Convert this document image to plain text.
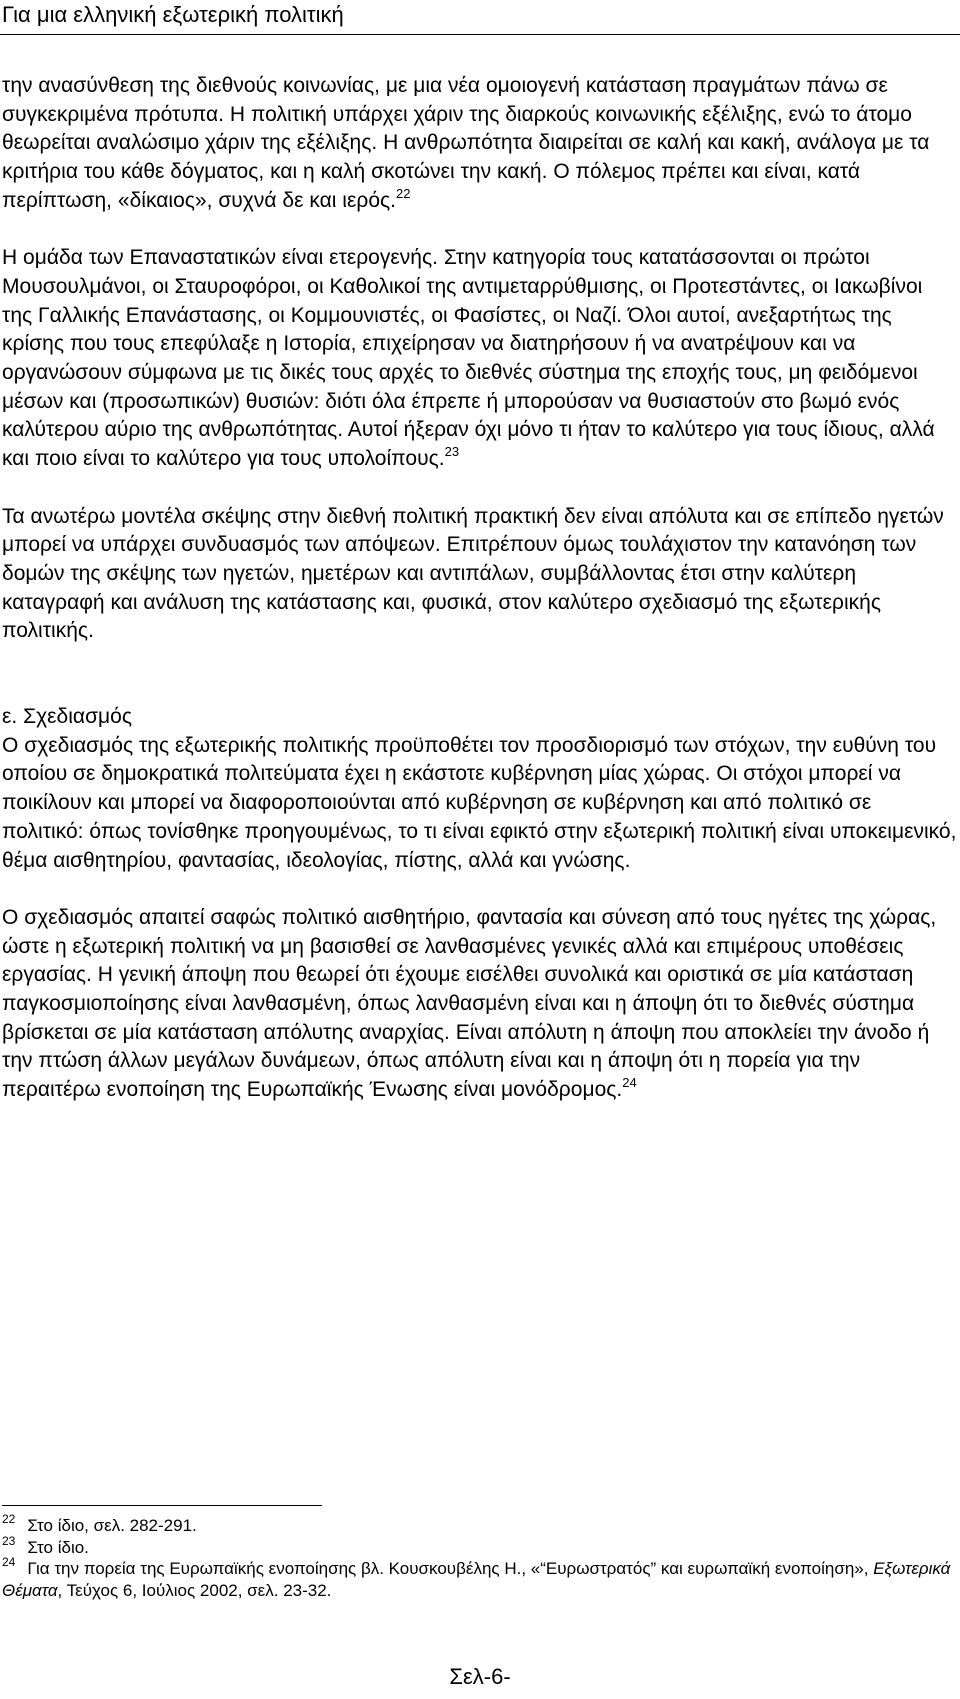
Για μια ελληνική εξωτερική πολιτική

την ανασύνθεση της διεθνούς κοινωνίας, με μια νέα ομοιογενή κατάσταση πραγμάτων πάνω σε συγκεκριμένα πρότυπα. Η πολιτική υπάρχει χάριν της διαρκούς κοινωνικής εξέλιξης, ενώ το άτομο θεωρείται αναλώσιμο χάριν της εξέλιξης. Η ανθρωπότητα διαιρείται σε καλή και κακή, ανάλογα με τα κριτήρια του κάθε δόγματος, και η καλή σκοτώνει την κακή. Ο πόλεμος πρέπει και είναι, κατά περίπτωση, «δίκαιος», συχνά δε και ιερός.$^{22}$

Η ομάδα των Επαναστατικών είναι ετερογενής. Στην κατηγορία τους κατατάσσονται οι πρώτοι Μουσουλμάνοι, οι Σταυροφόροι, οι Καθολικοί της αντιμεταρρύθμισης, οι Προτεστάντες, οι Ιακωβίνοι της Γαλλικής Επανάστασης, οι Κομμουνιστές, οι Φασίστες, οι Ναζί. Όλοι αυτοί, ανεξαρτήτως της κρίσης που τους επεφύλαξε η Ιστορία, επιχείρησαν να διατηρήσουν ή να ανατρέψουν και να οργανώσουν σύμφωνα με τις δικές τους αρχές το διεθνές σύστημα της εποχής τους, μη φειδόμενοι μέσων και (προσωπικών) θυσιών: διότι όλα έπρεπε ή μπορούσαν να θυσιαστούν στο βωμό ενός καλύτερου αύριο της ανθρωπότητας. Αυτοί ήξεραν όχι μόνο τι ήταν το καλύτερο για τους ίδιους, αλλά και ποιο είναι το καλύτερο για τους υπολοίπους.$^{23}$

Τα ανωτέρω μοντέλα σκέψης στην διεθνή πολιτική πρακτική δεν είναι απόλυτα και σε επίπεδο ηγετών μπορεί να υπάρχει συνδυασμός των απόψεων. Επιτρέπουν όμως τουλάχιστον την κατανόηση των δομών της σκέψης των ηγετών, ημετέρων και αντιπάλων, συμβάλλοντας έτσι στην καλύτερη καταγραφή και ανάλυση της κατάστασης και, φυσικά, στον καλύτερο σχεδιασμό της εξωτερικής πολιτικής.

ε. Σχεδιασμός

Ο σχεδιασμός της εξωτερικής πολιτικής προϋποθέτει τον προσδιορισμό των στόχων, την ευθύνη του οποίου σε δημοκρατικά πολιτεύματα έχει η εκάστοτε κυβέρνηση μίας χώρας. Οι στόχοι μπορεί να ποικίλουν και μπορεί να διαφοροποιούνται από κυβέρνηση σε κυβέρνηση και από πολιτικό σε πολιτικό: όπως τονίσθηκε προηγουμένως, το τι είναι εφικτό στην εξωτερική πολιτική είναι υποκειμενικό, θέμα αισθητηρίου, φαντασίας, ιδεολογίας, πίστης, αλλά και γνώσης.

Ο σχεδιασμός απαιτεί σαφώς πολιτικό αισθητήριο, φαντασία και σύνεση από τους ηγέτες της χώρας, ώστε η εξωτερική πολιτική να μη βασισθεί σε λανθασμένες γενικές αλλά και επιμέρους υποθέσεις εργασίας. Η γενική άποψη που θεωρεί ότι έχουμε εισέλθει συνολικά και οριστικά σε μία κατάσταση παγκοσμιοποίησης είναι λανθασμένη, όπως λανθασμένη είναι και η άποψη ότι το διεθνές σύστημα βρίσκεται σε μία κατάσταση απόλυτης αναρχίας. Είναι απόλυτη η άποψη που αποκλείει την άνοδο ή την πτώση άλλων μεγάλων δυνάμεων, όπως απόλυτη είναι και η άποψη ότι η πορεία για την περαιτέρω ενοποίηση της Ευρωπαϊκής Ένωσης είναι μονόδρομος.$^{24}$

$^{22}$ Στο ίδιο, σελ. 282-291.

$^{23}$ Στο ίδιο.

$^{24}$ Για την πορεία της Ευρωπαϊκής ενοποίησης βλ. Κουσκουβέλης Η., «“Ευρωστρατός” και ευρωπαϊκή ενοποίηση», Εξωτερικά Θέματα, Τεύχος 6, Ιούλιος 2002, σελ. 23-32.

Σελ-6-
